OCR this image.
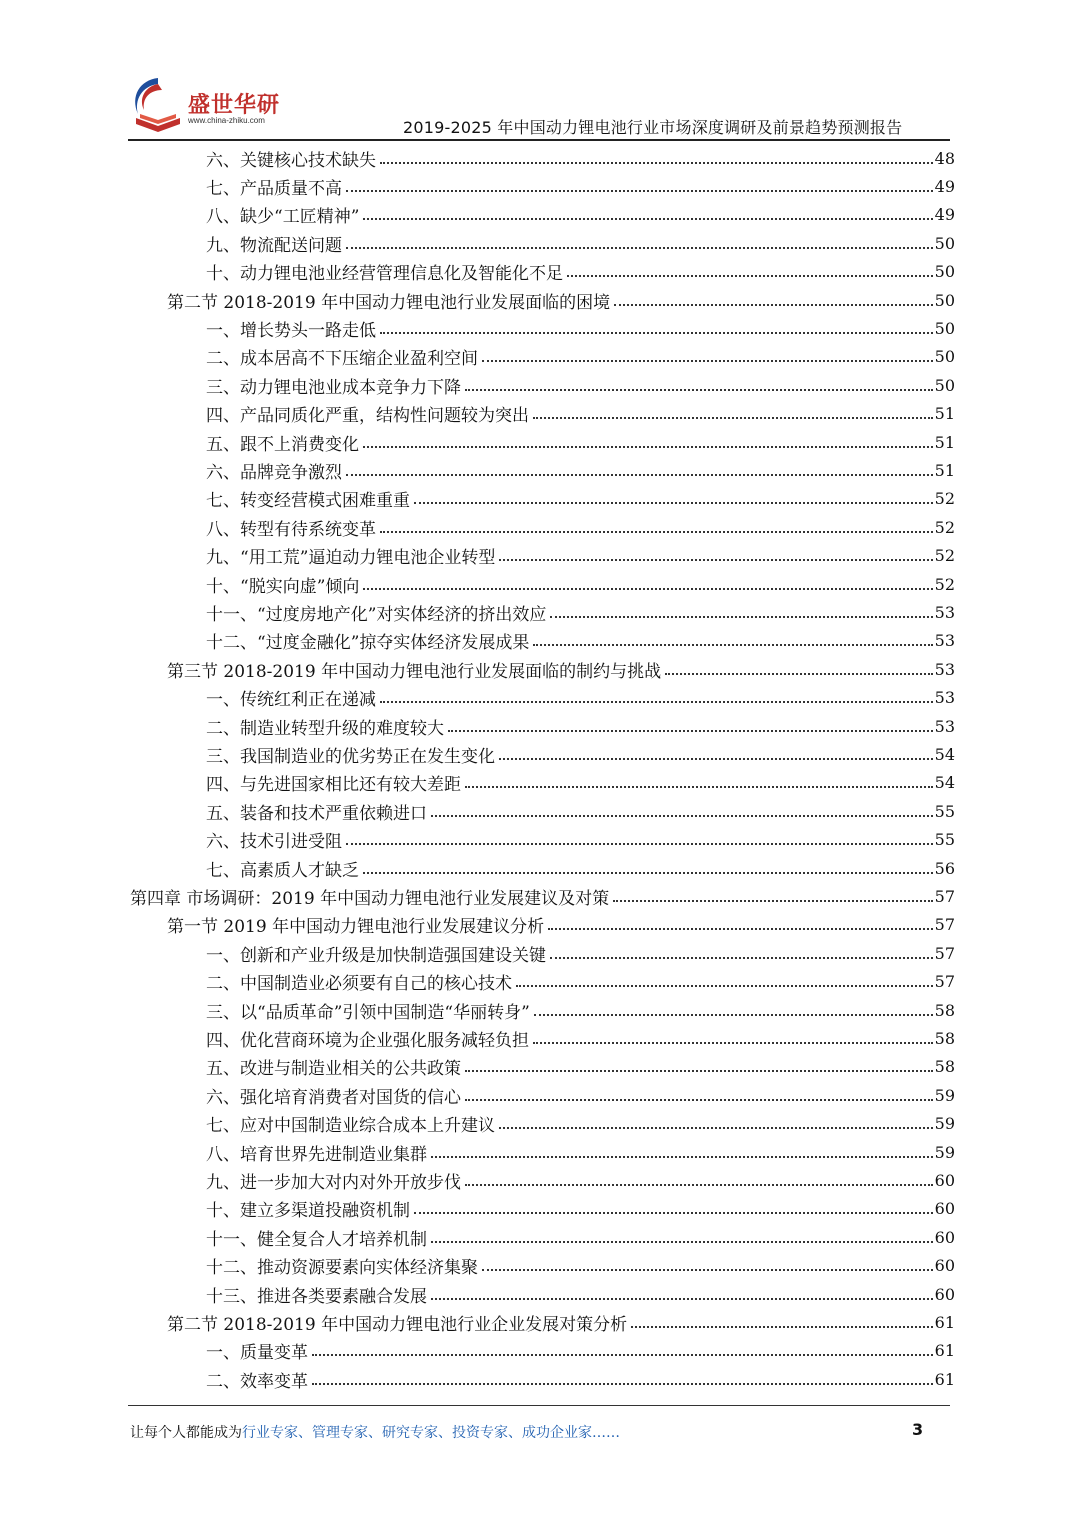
盛世华研
www.china-zhiku.com	2019-2025 年中国动力锂电池行业市场深度调研及前景趋势预测报告
六、关键核心技术缺失	48
七、产品质量不高	49
八、缺少“工匠精神”	49
九、物流配送问题	50
十、动力锂电池业经营管理信息化及智能化不足	50
第二节 2018-2019 年中国动力锂电池行业发展面临的困境	50
一、增长势头一路走低	50
二、成本居高不下压缩企业盈利空间	50
三、动力锂电池业成本竞争力下降	50
四、产品同质化严重，结构性问题较为突出	51
五、跟不上消费变化	51
六、品牌竞争激烈	51
七、转变经营模式困难重重	52
八、转型有待系统变革	52
九、“用工荒”逼迫动力锂电池企业转型	52
十、“脱实向虚”倾向	52
十一、“过度房地产化”对实体经济的挤出效应	53
十二、“过度金融化”掠夺实体经济发展成果	53
第三节 2018-2019 年中国动力锂电池行业发展面临的制约与挑战	53
一、传统红利正在递减	53
二、制造业转型升级的难度较大	53
三、我国制造业的优劣势正在发生变化	54
四、与先进国家相比还有较大差距	54
五、装备和技术严重依赖进口	55
六、技术引进受阻	55
七、高素质人才缺乏	56
第四章 市场调研：2019 年中国动力锂电池行业发展建议及对策	57
第一节 2019 年中国动力锂电池行业发展建议分析	57
一、创新和产业升级是加快制造强国建设关键	57
二、中国制造业必须要有自己的核心技术	57
三、以“品质革命”引领中国制造“华丽转身”	58
四、优化营商环境为企业强化服务减轻负担	58
五、改进与制造业相关的公共政策	58
六、强化培育消费者对国货的信心	59
七、应对中国制造业综合成本上升建议	59
八、培育世界先进制造业集群	59
九、进一步加大对内对外开放步伐	60
十、建立多渠道投融资机制	60
十一、健全复合人才培养机制	60
十二、推动资源要素向实体经济集聚	60
十三、推进各类要素融合发展	60
第二节 2018-2019 年中国动力锂电池行业企业发展对策分析	61
一、质量变革	61
二、效率变革	61
让每个人都能成为行业专家、管理专家、研究专家、投资专家、成功企业家……	3
